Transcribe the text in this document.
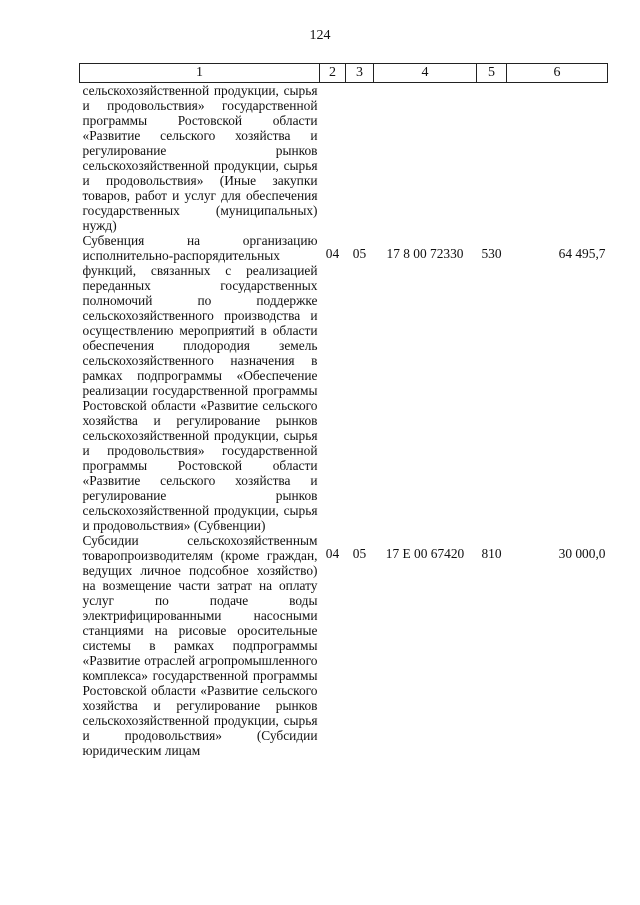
124
1	2	3	4	5	6
сельскохозяйственной продукции, сырья и продовольствия» государственной программы Ростовской области «Развитие сельского хозяйства и регулирование рынков сельскохозяйственной продукции, сырья и продовольствия» (Иные закупки товаров, работ и услуг для обеспечения государственных (муниципальных) нужд)					
Субвенция на организацию исполнительно-распорядительных функций, связанных с реализацией переданных государственных полномочий по поддержке сельскохозяйственного производства и осуществлению мероприятий в области обеспечения плодородия земель сельскохозяйственного назначения в рамках подпрограммы «Обеспечение реализации государственной программы Ростовской области «Развитие сельского хозяйства и регулирование рынков сельскохозяйственной продукции, сырья и продовольствия» государственной программы Ростовской области «Развитие сельского хозяйства и регулирование рынков сельскохозяйственной продукции, сырья и продовольствия» (Субвенции)	04	05	17 8 00 72330	530	64 495,7
Субсидии сельскохозяйственным товаропроизводителям (кроме граждан, ведущих личное подсобное хозяйство) на возмещение части затрат на оплату услуг по подаче воды электрифицированными насосными станциями на рисовые оросительные системы в рамках подпрограммы «Развитие отраслей агропромышленного комплекса» государственной программы Ростовской области «Развитие сельского хозяйства и регулирование рынков сельскохозяйственной продукции, сырья и продовольствия» (Субсидии юридическим лицам	04	05	17 Е 00 67420	810	30 000,0
